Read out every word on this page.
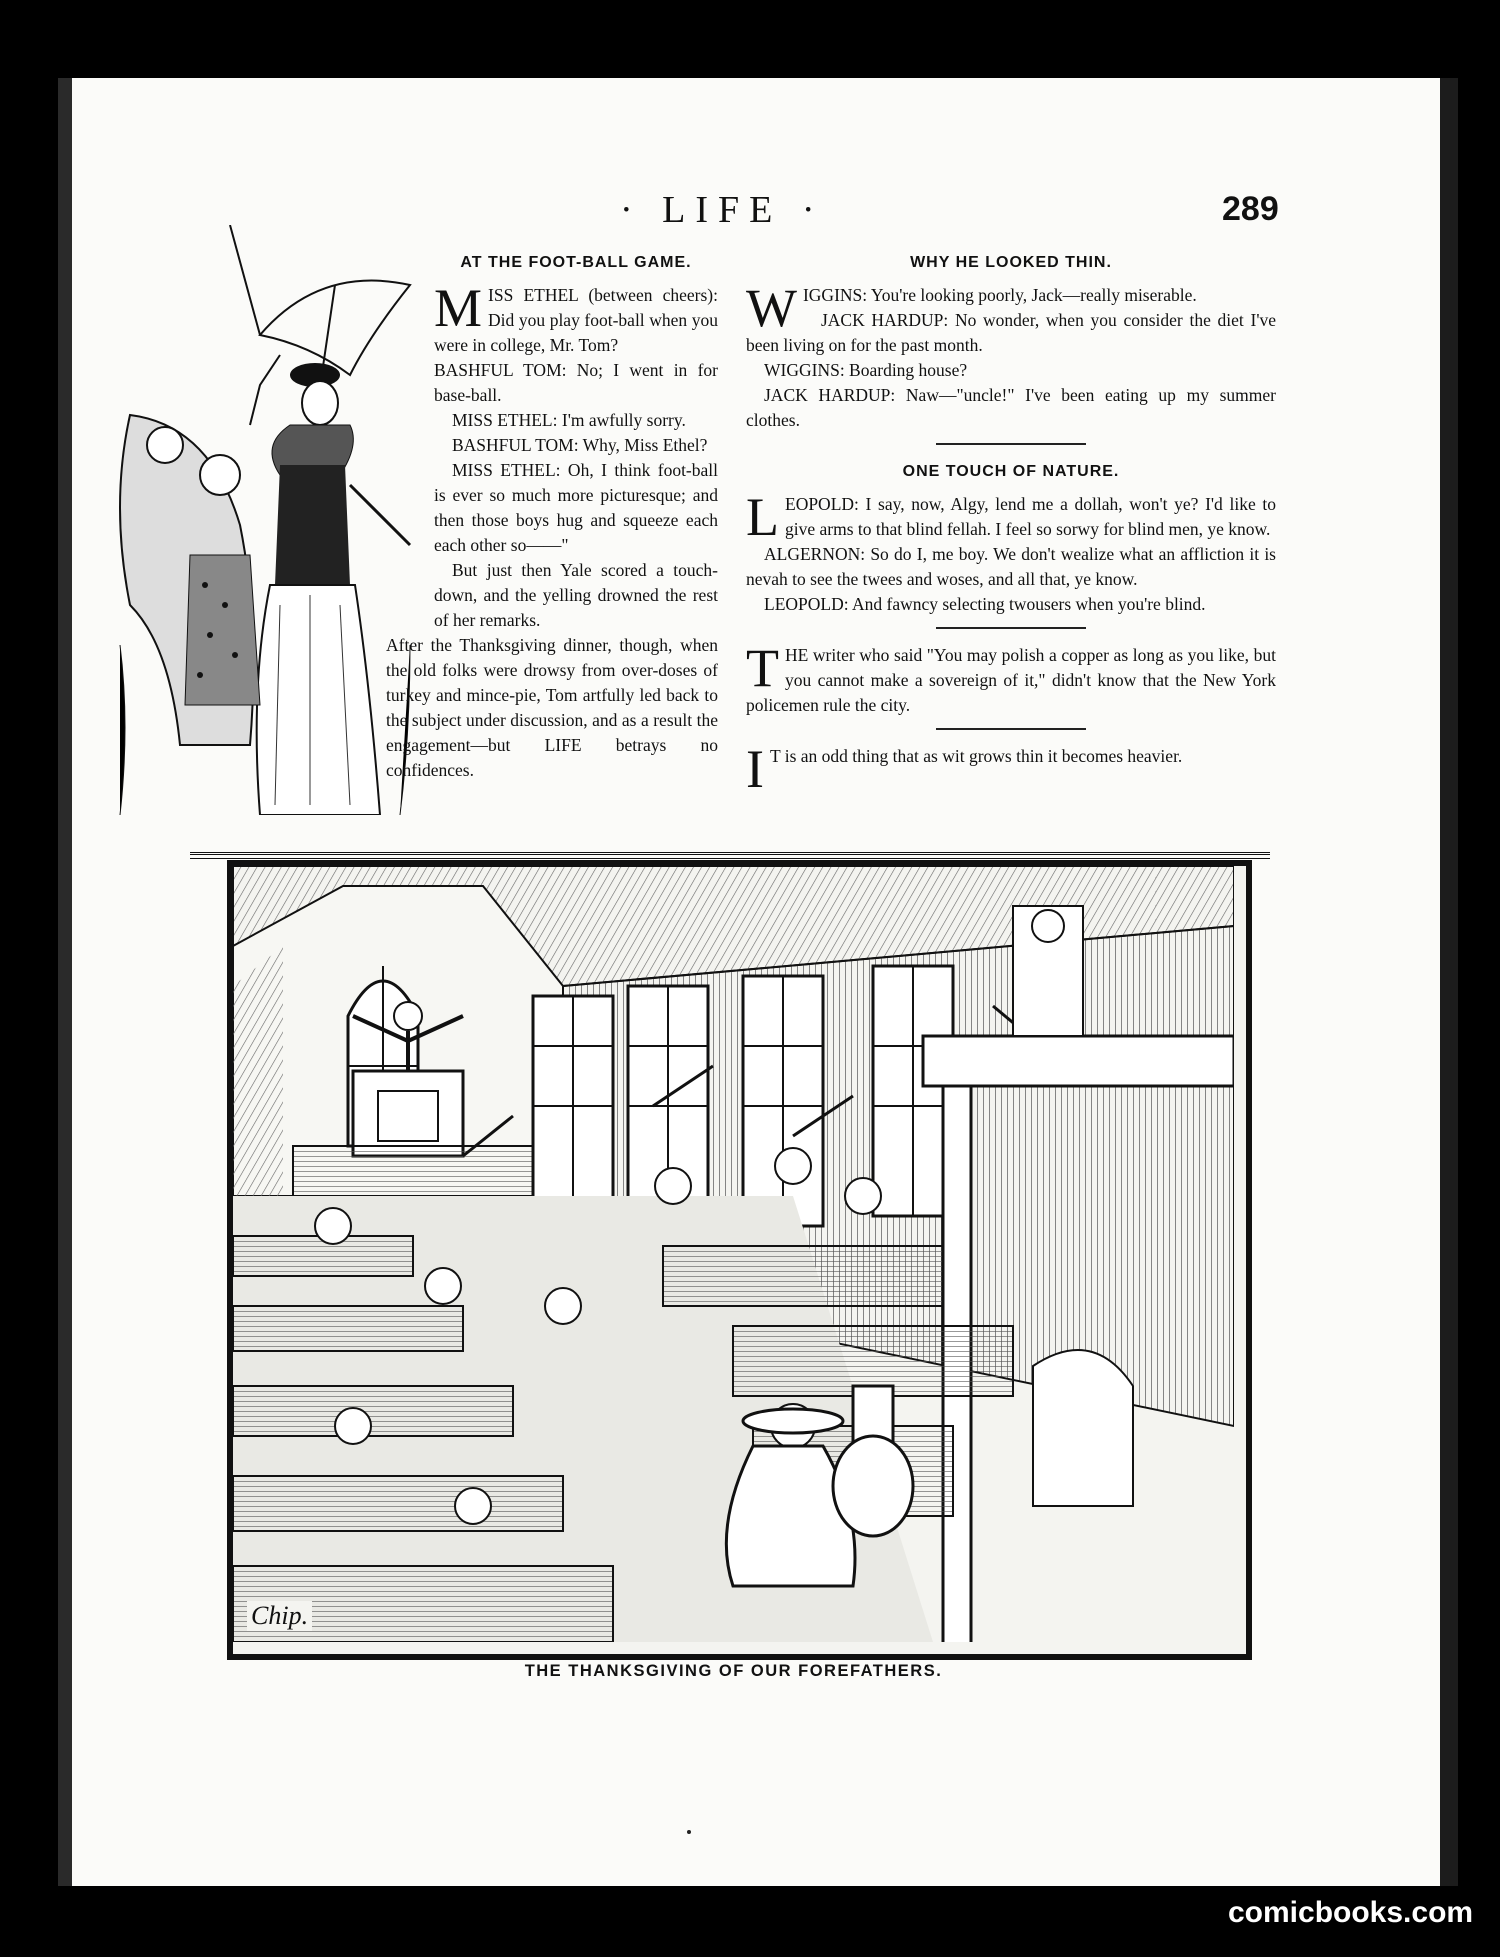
· LIFE ·	289
AT THE FOOT-BALL GAME.

MISS ETHEL (between cheers): Did you play foot-ball when you were in college, Mr. Tom?

BASHFUL TOM: No; I went in for base-ball.

MISS ETHEL: I'm awfully sorry.

BASHFUL TOM: Why, Miss Ethel?

MISS ETHEL: Oh, I think foot-ball is ever so much more picturesque; and then those boys hug and squeeze each each other so——"

But just then Yale scored a touch-down, and the yelling drowned the rest of her remarks.

After the Thanksgiving dinner, though, when the old folks were drowsy from over-doses of turkey and mince-pie, Tom artfully led back to the subject under discussion, and as a result the engagement—but LIFE betrays no confidences.

WHY HE LOOKED THIN.

WIGGINS: You're looking poorly, Jack—really miserable.

JACK HARDUP: No wonder, when you consider the diet I've been living on for the past month.

WIGGINS: Boarding house?

JACK HARDUP: Naw—"uncle!" I've been eating up my summer clothes.

ONE TOUCH OF NATURE.

LEOPOLD: I say, now, Algy, lend me a dollah, won't ye? I'd like to give arms to that blind fellah. I feel so sorwy for blind men, ye know.

ALGERNON: So do I, me boy. We don't wealize what an affliction it is nevah to see the twees and woses, and all that, ye know.

LEOPOLD: And fawncy selecting twousers when you're blind.

THE writer who said "You may polish a copper as long as you like, but you cannot make a sovereign of it," didn't know that the New York policemen rule the city.

I T is an odd thing that as wit grows thin it becomes heavier.

Chip.
THE THANKSGIVING OF OUR FOREFATHERS.
comicbooks.com
